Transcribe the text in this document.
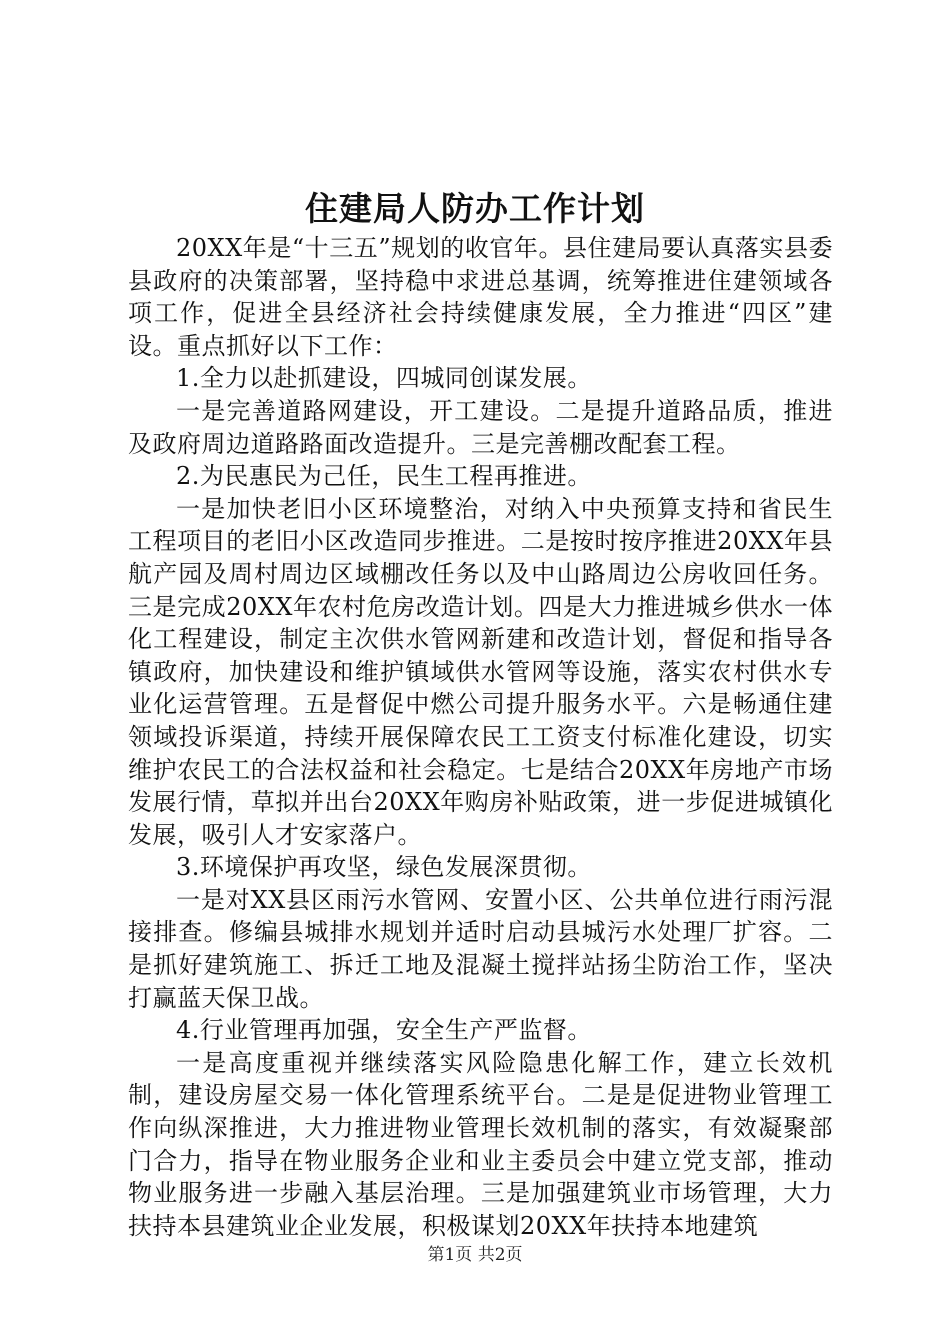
住建局人防办工作计划

20XX年是“十三五”规划的收官年。县住建局要认真落实县委县政府的决策部署，坚持稳中求进总基调，统筹推进住建领域各项工作，促进全县经济社会持续健康发展，全力推进“四区”建设。重点抓好以下工作：

1.全力以赴抓建设，四城同创谋发展。

一是完善道路网建设，开工建设。二是提升道路品质，推进及政府周边道路路面改造提升。三是完善棚改配套工程。

2.为民惠民为己任，民生工程再推进。

一是加快老旧小区环境整治，对纳入中央预算支持和省民生工程项目的老旧小区改造同步推进。二是按时按序推进20XX年县航产园及周村周边区域棚改任务以及中山路周边公房收回任务。三是完成20XX年农村危房改造计划。四是大力推进城乡供水一体化工程建设，制定主次供水管网新建和改造计划，督促和指导各镇政府，加快建设和维护镇域供水管网等设施，落实农村供水专业化运营管理。五是督促中燃公司提升服务水平。六是畅通住建领域投诉渠道，持续开展保障农民工工资支付标准化建设，切实维护农民工的合法权益和社会稳定。七是结合20XX年房地产市场发展行情，草拟并出台20XX年购房补贴政策，进一步促进城镇化发展，吸引人才安家落户。

3.环境保护再攻坚，绿色发展深贯彻。

一是对XX县区雨污水管网、安置小区、公共单位进行雨污混接排查。修编县城排水规划并适时启动县城污水处理厂扩容。二是抓好建筑施工、拆迁工地及混凝土搅拌站扬尘防治工作，坚决打赢蓝天保卫战。

4.行业管理再加强，安全生产严监督。

一是高度重视并继续落实风险隐患化解工作，建立长效机制，建设房屋交易一体化管理系统平台。二是是促进物业管理工作向纵深推进，大力推进物业管理长效机制的落实，有效凝聚部门合力，指导在物业服务企业和业主委员会中建立党支部，推动物业服务进一步融入基层治理。三是加强建筑业市场管理，大力扶持本县建筑业企业发展，积极谋划20XX年扶持本地建筑

第1页 共2页
